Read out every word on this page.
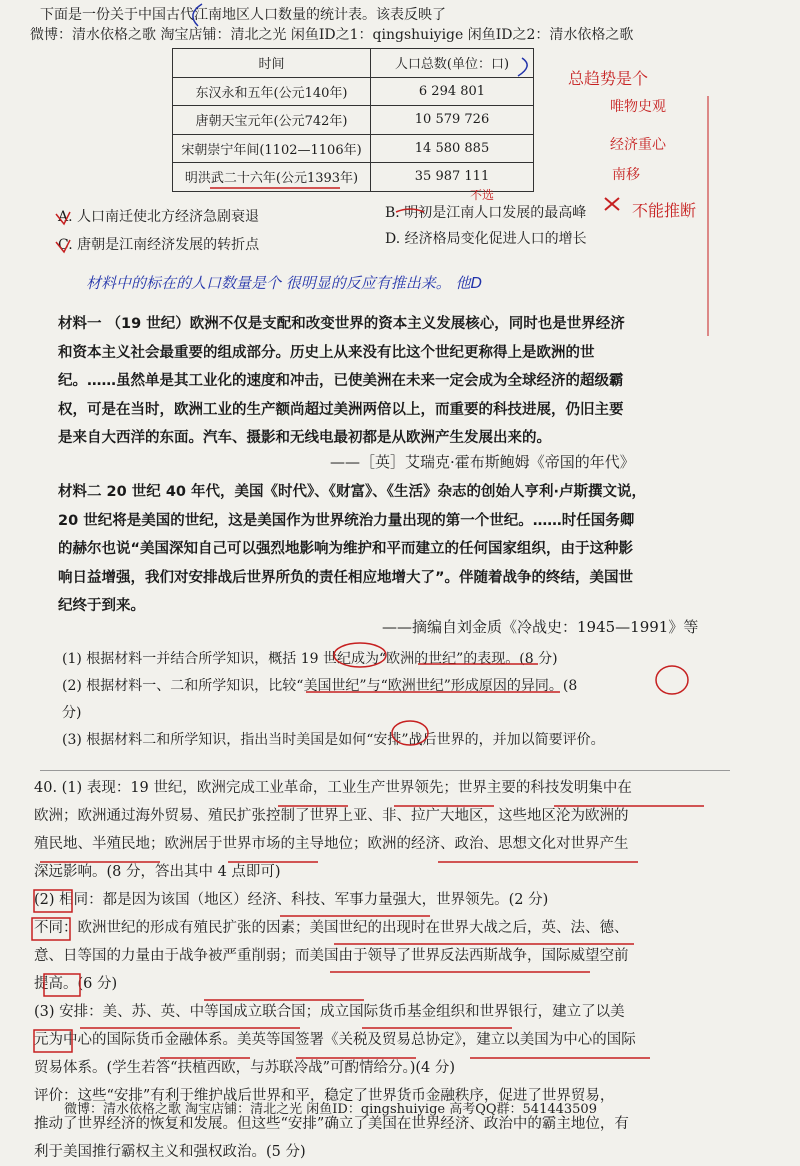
下面是一份关于中国古代江南地区人口数量的统计表。该表反映了
微博：清水依格之歌 淘宝店铺：清北之光 闲鱼ID之1：qingshuiyige 闲鱼ID之2：清水依格之歌
时间	人口总数(单位：口)
东汉永和五年(公元140年)	6 294 801
唐朝天宝元年(公元742年)	10 579 726
宋朝崇宁年间(1102—1106年)	14 580 885
明洪武二十六年(公元1393年)	35 987 111
总趋势是个
唯物史观
经济重心
南移
不选
不能推断
A. 人口南迁使北方经济急剧衰退	B. 明初是江南人口发展的最高峰
C. 唐朝是江南经济发展的转折点	D. 经济格局变化促进人口的增长
材料中的标在的人口数量是个 很明显的反应有推出来。 他D
材料一 （19 世纪）欧洲不仅是支配和改变世界的资本主义发展核心，同时也是世界经济
和资本主义社会最重要的组成部分。历史上从来没有比这个世纪更称得上是欧洲的世
纪。……虽然单是其工业化的速度和冲击，已使美洲在未来一定会成为全球经济的超级霸
权，可是在当时，欧洲工业的生产额尚超过美洲两倍以上，而重要的科技进展，仍旧主要
是来自大西洋的东面。汽车、摄影和无线电最初都是从欧洲产生发展出来的。
——［英］艾瑞克·霍布斯鲍姆《帝国的年代》
材料二 20 世纪 40 年代，美国《时代》、《财富》、《生活》杂志的创始人亨利·卢斯撰文说，
20 世纪将是美国的世纪，这是美国作为世界统治力量出现的第一个世纪。……时任国务卿
的赫尔也说“美国深知自己可以强烈地影响为维护和平而建立的任何国家组织，由于这种影
响日益增强，我们对安排战后世界所负的责任相应地增大了”。伴随着战争的终结，美国世
纪终于到来。
——摘编自刘金质《冷战史：1945—1991》等
(1) 根据材料一并结合所学知识，概括 19 世纪成为“欧洲的世纪”的表现。(8 分)
(2) 根据材料一、二和所学知识，比较“美国世纪”与“欧洲世纪”形成原因的异同。(8
分)
(3) 根据材料二和所学知识，指出当时美国是如何“安排”战后世界的，并加以简要评价。
40. (1) 表现：19 世纪，欧洲完成工业革命，工业生产世界领先；世界主要的科技发明集中在
欧洲；欧洲通过海外贸易、殖民扩张控制了世界上亚、非、拉广大地区，这些地区沦为欧洲的
殖民地、半殖民地；欧洲居于世界市场的主导地位；欧洲的经济、政治、思想文化对世界产生
深远影响。(8 分，答出其中 4 点即可)
(2) 相同：都是因为该国（地区）经济、科技、军事力量强大，世界领先。(2 分)
不同：欧洲世纪的形成有殖民扩张的因素；美国世纪的出现时在世界大战之后，英、法、德、
意、日等国的力量由于战争被严重削弱；而美国由于领导了世界反法西斯战争，国际威望空前
提高。(6 分)
(3) 安排：美、苏、英、中等国成立联合国；成立国际货币基金组织和世界银行，建立了以美
元为中心的国际货币金融体系。美英等国签署《关税及贸易总协定》，建立以美国为中心的国际
贸易体系。(学生若答“扶植西欧，与苏联冷战”可酌情给分。)(4 分)
评价：这些“安排”有利于维护战后世界和平，稳定了世界货币金融秩序，促进了世界贸易，
推动了世界经济的恢复和发展。但这些“安排”确立了美国在世界经济、政治中的霸主地位，有
利于美国推行霸权主义和强权政治。(5 分)
微博：清水依格之歌 淘宝店铺：清北之光 闲鱼ID：qingshuiyige 高考QQ群：541443509
